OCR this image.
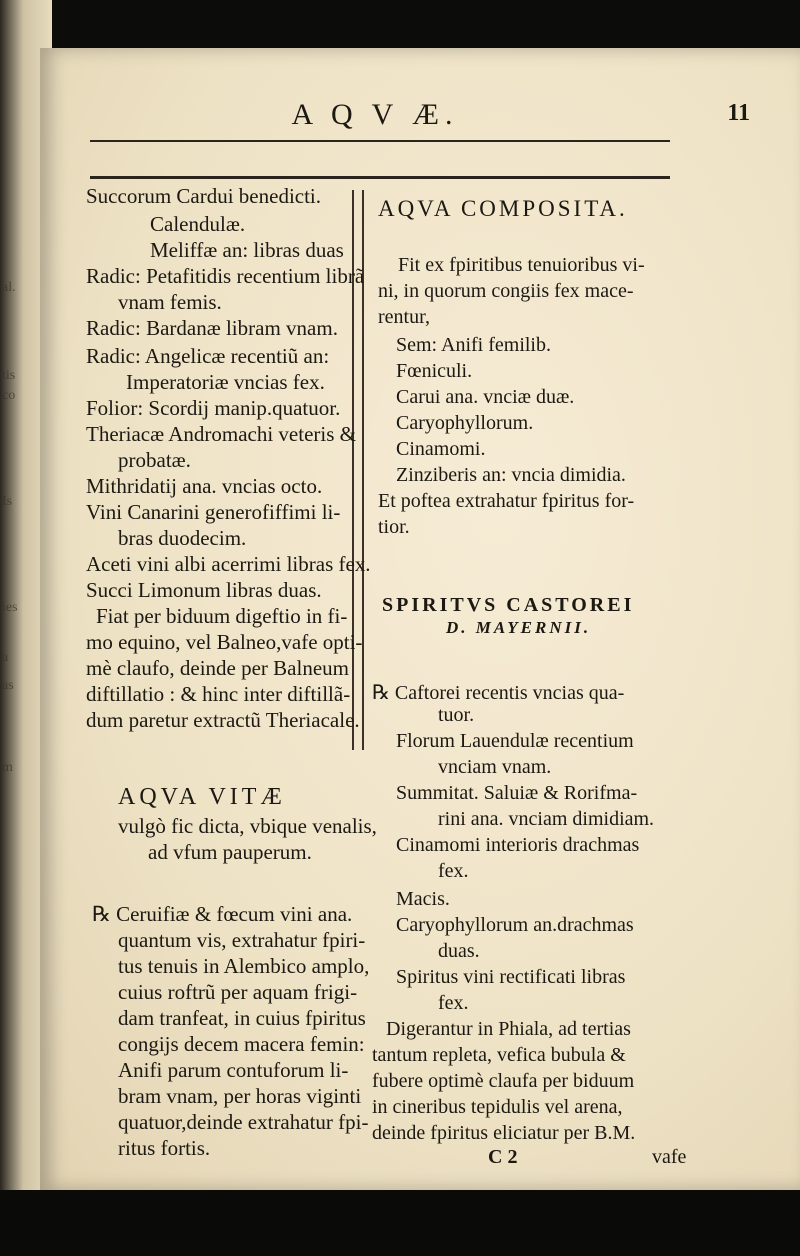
al.
tis
co
Is
ies
a
as
m
A Q V Æ.	11
Succorum Cardui benedicti.
Calendulæ.
Meliffæ an: libras duas
Radic: Petafitidis recentium librã
vnam femis.
Radic: Bardanæ libram vnam.
Radic: Angelicæ recentiũ an:
Imperatoriæ vncias fex.
Folior: Scordij manip.quatuor.
Theriacæ Andromachi veteris &
probatæ.
Mithridatij ana. vncias octo.
Vini Canarini generofiffimi li-
bras duodecim.
Aceti vini albi acerrimi libras fex.
Succi Limonum libras duas.
Fiat per biduum digeftio in fi-
mo equino, vel Balneo,vafe opti-
mè claufo, deinde per Balneum
diftillatio : & hinc inter diftillã-
dum paretur extractũ Theriacale.
AQVA VITÆ
vulgò fic dicta, vbique venalis,
ad vfum pauperum.
℞ Ceruifiæ & fœcum vini ana.
quantum vis, extrahatur fpiri-
tus tenuis in Alembico amplo,
cuius roftrũ per aquam frigi-
dam tranfeat, in cuius fpiritus
congijs decem macera femin:
Anifi parum contuforum li-
bram vnam, per horas viginti
quatuor,deinde extrahatur fpi-
ritus fortis.
AQVA COMPOSITA.
Fit ex fpiritibus tenuioribus vi-
ni, in quorum congiis fex mace-
rentur,
Sem: Anifi femilib.
Fœniculi.
Carui ana. vnciæ duæ.
Caryophyllorum.
Cinamomi.
Zinziberis an: vncia dimidia.
Et poftea extrahatur fpiritus for-
tior.
SPIRITVS CASTOREI
D. MAYERNII.
℞ Caftorei recentis vncias qua-
tuor.
Florum Lauendulæ recentium
vnciam vnam.
Summitat. Saluiæ & Rorifma-
rini ana. vnciam dimidiam.
Cinamomi interioris drachmas
fex.
Macis.
Caryophyllorum an.drachmas
duas.
Spiritus vini rectificati libras
fex.
Digerantur in Phiala, ad tertias
tantum repleta, vefica bubula &
fubere optimè claufa per biduum
in cineribus tepidulis vel arena,
deinde fpiritus eliciatur per B.M.
C 2	vafe
